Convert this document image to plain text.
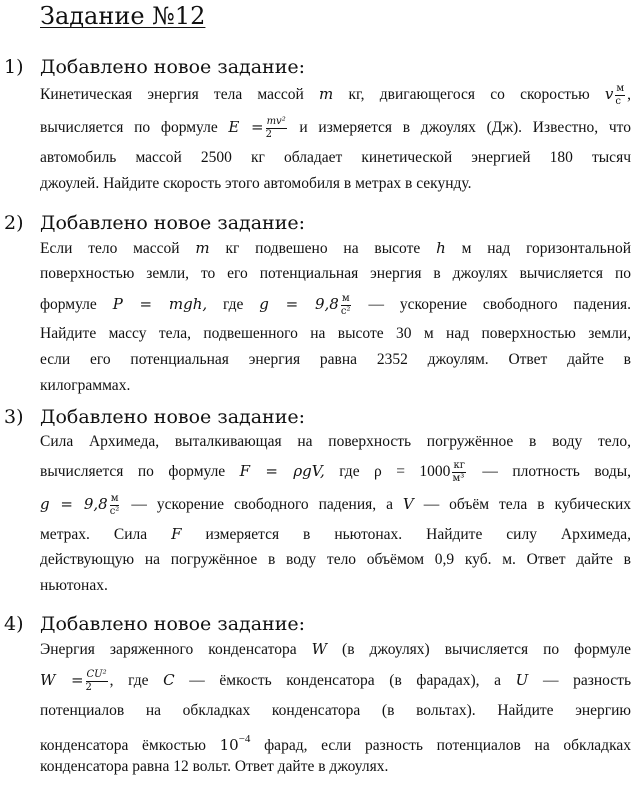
Задание №12
1) Добавлено новое задание:
Кинетическая энергия тела массой m кг, двигающегося со скоростью v $\frac{м}{с}$ ,
вычисляется по формуле $E = \frac{\text{mv²}}{2}$ и измеряется в джоулях (Дж). Известно, что
автомобиль массой 2500 кг обладает кинетической энергией 180 тысяч
джоулей. Найдите скорость этого автомобиля в метрах в секунду.
2) Добавлено новое задание:
Если тело массой m кг подвешено на высоте h м над горизонтальной
поверхностью земли, то его потенциальная энергия в джоулях вычисляется по
формуле P = mgh, где $g = 9,8 \frac{м}{\text{с²}}$ — ускорение свободного падения.
Найдите массу тела, подвешенного на высоте 30 м над поверхностью земли,
если его потенциальная энергия равна 2352 джоулям. Ответ дайте в
килограммах.
3) Добавлено новое задание:
Сила Архимеда, выталкивающая на поверхность погружённое в воду тело,
вычисляется по формуле F = ρgV, где $\rho = 1000 \frac{кг}{\text{м³}}$ — плотность воды,
$g = 9,8 \frac{м}{\text{с²}}$ — ускорение свободного падения, а V — объём тела в кубических
метрах. Сила F измеряется в ньютонах. Найдите силу Архимеда,
действующую на погружённое в воду тело объёмом 0,9 куб. м. Ответ дайте в
ньютонах.
4) Добавлено новое задание:
Энергия заряженного конденсатора W (в джоулях) вычисляется по формуле
$W = \frac{\text{CU²}}{2}$ , где C — ёмкость конденсатора (в фарадах), а U — разность
потенциалов на обкладках конденсатора (в вольтах). Найдите энергию
конденсатора ёмкостью $10^{-4}$ фарад, если разность потенциалов на обкладках
конденсатора равна 12 вольт. Ответ дайте в джоулях.
